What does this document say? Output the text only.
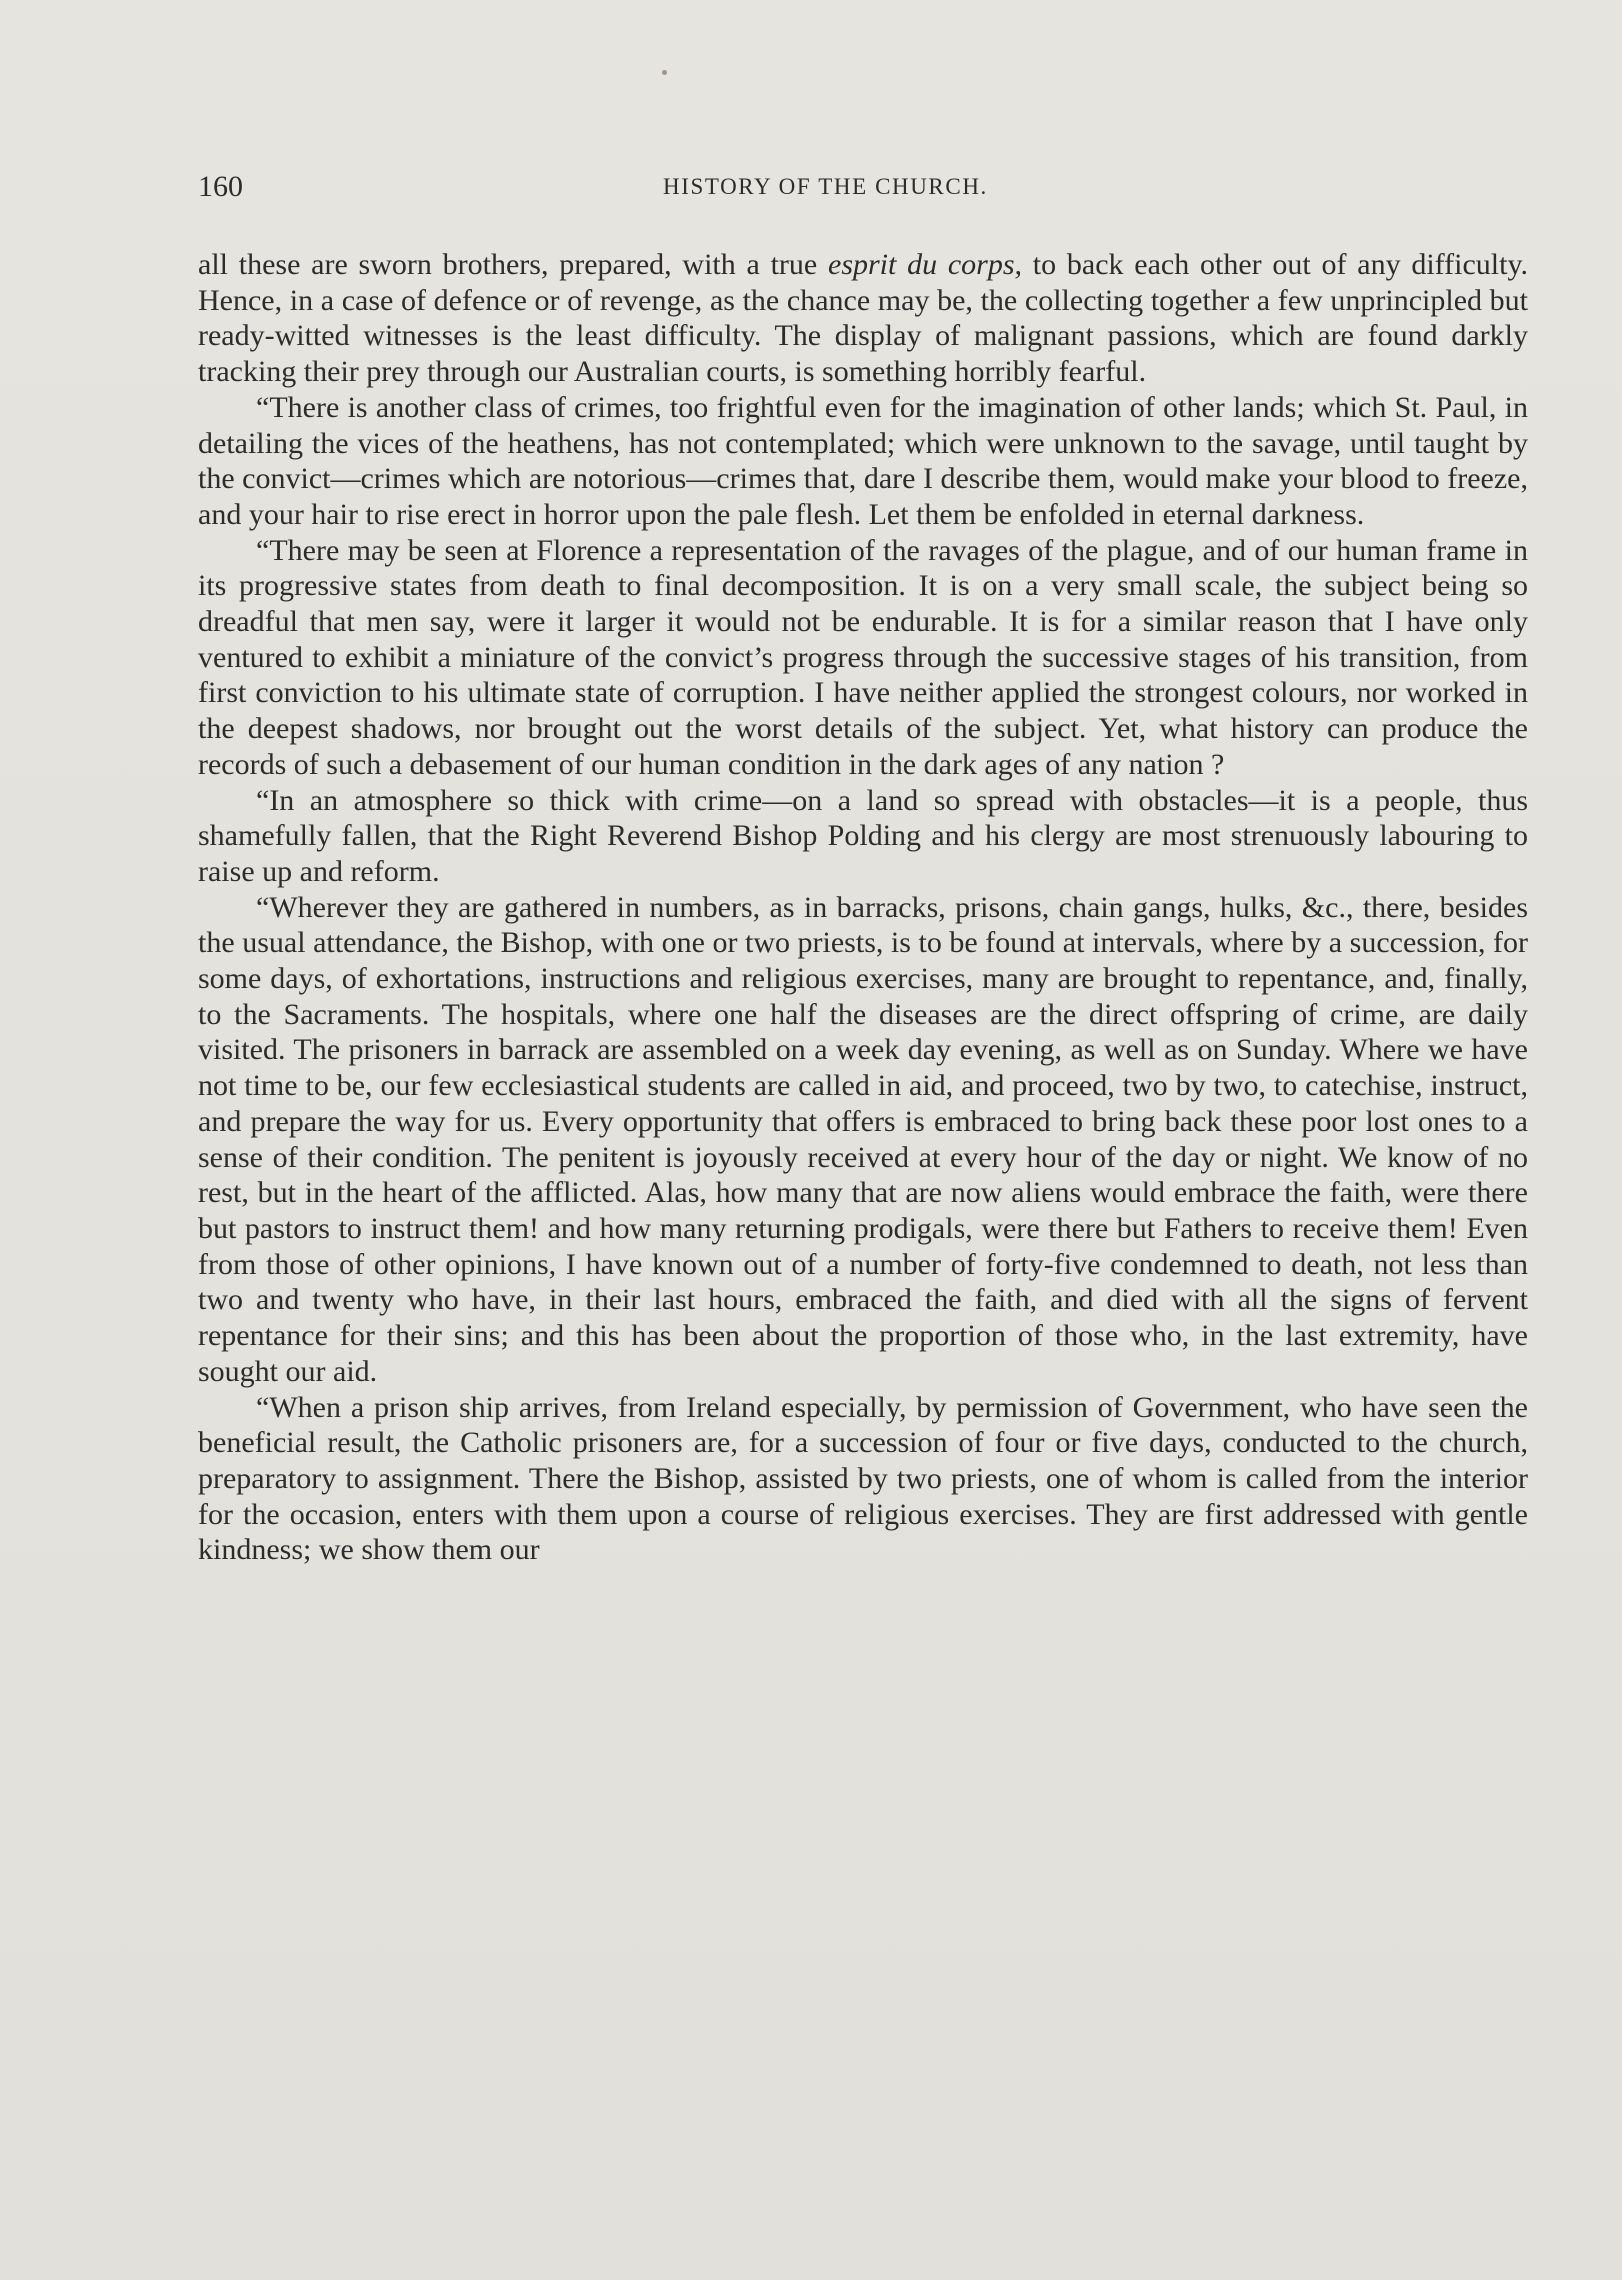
160	HISTORY OF THE CHURCH.

all these are sworn brothers, prepared, with a true esprit du corps, to back each other out of any difficulty. Hence, in a case of defence or of revenge, as the chance may be, the collecting together a few unprincipled but ready-witted witnesses is the least difficulty. The display of malignant passions, which are found darkly tracking their prey through our Australian courts, is something horribly fearful.

“There is another class of crimes, too frightful even for the imagination of other lands; which St. Paul, in detailing the vices of the heathens, has not contemplated; which were unknown to the savage, until taught by the convict—crimes which are notorious—crimes that, dare I describe them, would make your blood to freeze, and your hair to rise erect in horror upon the pale flesh. Let them be enfolded in eternal darkness.

“There may be seen at Florence a representation of the ravages of the plague, and of our human frame in its progressive states from death to final decomposition. It is on a very small scale, the subject being so dreadful that men say, were it larger it would not be endurable. It is for a similar reason that I have only ventured to exhibit a miniature of the convict’s progress through the successive stages of his transition, from first conviction to his ultimate state of corruption. I have neither applied the strongest colours, nor worked in the deepest shadows, nor brought out the worst details of the subject. Yet, what history can produce the records of such a debasement of our human condition in the dark ages of any nation ?

“In an atmosphere so thick with crime—on a land so spread with obstacles—it is a people, thus shamefully fallen, that the Right Reverend Bishop Polding and his clergy are most strenuously labouring to raise up and reform.

“Wherever they are gathered in numbers, as in barracks, prisons, chain gangs, hulks, &c., there, besides the usual attendance, the Bishop, with one or two priests, is to be found at intervals, where by a succession, for some days, of exhortations, instructions and religious exercises, many are brought to repentance, and, finally, to the Sacraments. The hospitals, where one half the diseases are the direct offspring of crime, are daily visited. The prisoners in barrack are assembled on a week day evening, as well as on Sunday. Where we have not time to be, our few ecclesiastical students are called in aid, and proceed, two by two, to catechise, instruct, and prepare the way for us. Every opportunity that offers is embraced to bring back these poor lost ones to a sense of their condition. The penitent is joyously received at every hour of the day or night. We know of no rest, but in the heart of the afflicted. Alas, how many that are now aliens would embrace the faith, were there but pastors to instruct them! and how many returning prodigals, were there but Fathers to receive them! Even from those of other opinions, I have known out of a number of forty-five condemned to death, not less than two and twenty who have, in their last hours, embraced the faith, and died with all the signs of fervent repentance for their sins; and this has been about the proportion of those who, in the last extremity, have sought our aid.

“When a prison ship arrives, from Ireland especially, by permission of Government, who have seen the beneficial result, the Catholic prisoners are, for a succession of four or five days, conducted to the church, preparatory to assignment. There the Bishop, assisted by two priests, one of whom is called from the interior for the occasion, enters with them upon a course of religious exercises. They are first addressed with gentle kindness; we show them our
